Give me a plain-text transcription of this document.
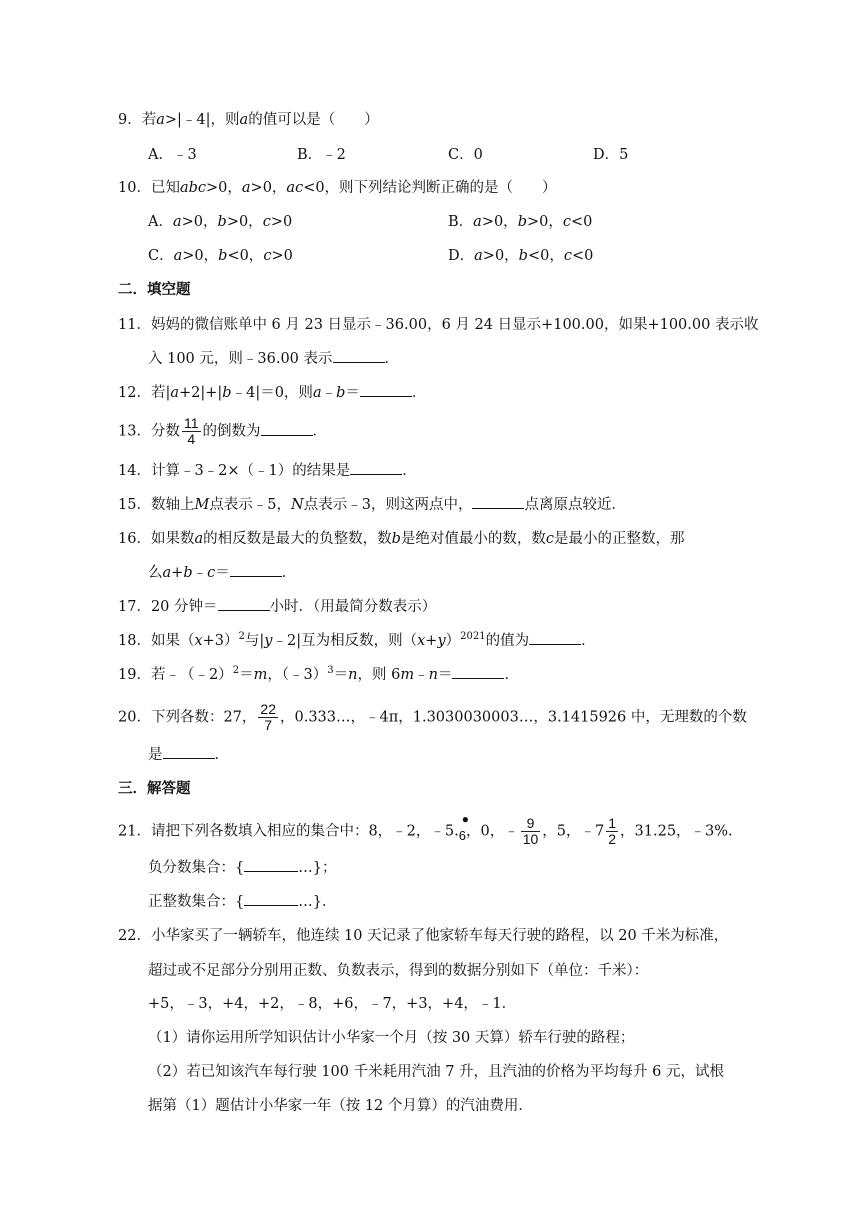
9．若a>|﹣4|，则a的值可以是（　　）
A．﹣3	B．﹣2	C．0	D．5
10．已知abc>0，a>0，ac<0，则下列结论判断正确的是（　　）
A．a>0，b>0，c>0	B．a>0，b>0，c<0
C．a>0，b<0，c>0	D．a>0，b<0，c<0
二．填空题
11．妈妈的微信账单中 6 月 23 日显示﹣36.00，6 月 24 日显示+100.00，如果+100.00 表示收
入 100 元，则﹣36.00 表示	．
12．若|a+2|+|b﹣4|＝0，则a﹣b＝	．
13．分数 $\frac{11}{4}$ 的倒数为	．
14．计算﹣3﹣2×（﹣1）的结果是	．
15．数轴上M点表示﹣5，N点表示﹣3，则这两点中，	点离原点较近．
16．如果数a的相反数是最大的负整数，数b是绝对值最小的数，数c是最小的正整数，那
么a+b﹣c＝	．
17．20 分钟＝	小时．（用最简分数表示）
18．如果$(x+3)^2$与|y﹣2|互为相反数，则$(x+y)^{2021}$的值为	．
19．若﹣（﹣2）$^2$＝m，（﹣3）$^3$＝n，则 6m﹣n＝	．
20．下列各数：27， $\frac{22}{7}$ ，0.333…，﹣4π，1.3030030003…，3.1415926 中，无理数的个数
是	．
三．解答题
21．请把下列各数填入相应的集合中：8，﹣2，﹣5.
●
6，0，﹣ $\frac{9}{10}$ ，5，﹣7 $\frac{1}{2}$ ，31.25，﹣3%.
负分数集合：{	…}；
正整数集合：{	…}．
22．小华家买了一辆轿车，他连续 10 天记录了他家轿车每天行驶的路程，以 20 千米为标准，
超过或不足部分分别用正数、负数表示，得到的数据分别如下（单位：千米）：
+5，﹣3，+4，+2，﹣8，+6，﹣7，+3，+4，﹣1．
（1）请你运用所学知识估计小华家一个月（按 30 天算）轿车行驶的路程；
（2）若已知该汽车每行驶 100 千米耗用汽油 7 升，且汽油的价格为平均每升 6 元，试根
据第（1）题估计小华家一年（按 12 个月算）的汽油费用．
